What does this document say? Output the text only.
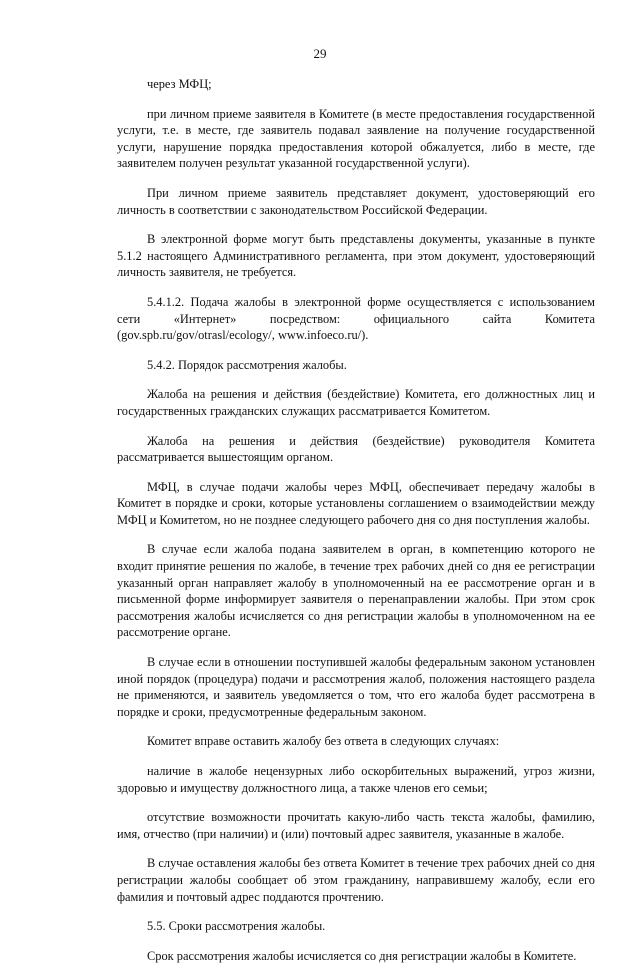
29

через МФЦ;

при личном приеме заявителя в Комитете (в месте предоставления государственной услуги, т.е. в месте, где заявитель подавал заявление на получение государственной услуги, нарушение порядка предоставления которой обжалуется, либо в месте, где заявителем получен результат указанной государственной услуги).

При личном приеме заявитель представляет документ, удостоверяющий его личность в соответствии с законодательством Российской Федерации.

В электронной форме могут быть представлены документы, указанные в пункте 5.1.2 настоящего Административного регламента, при этом документ, удостоверяющий личность заявителя, не требуется.

5.4.1.2. Подача жалобы в электронной форме осуществляется с использованием сети «Интернет» посредством: официального сайта Комитета (gov.spb.ru/gov/otrasl/ecology/, www.infoeco.ru/).

5.4.2. Порядок рассмотрения жалобы.

Жалоба на решения и действия (бездействие) Комитета, его должностных лиц и государственных гражданских служащих рассматривается Комитетом.

Жалоба на решения и действия (бездействие) руководителя Комитета рассматривается вышестоящим органом.

МФЦ, в случае подачи жалобы через МФЦ, обеспечивает передачу жалобы в Комитет в порядке и сроки, которые установлены соглашением о взаимодействии между МФЦ и Комитетом, но не позднее следующего рабочего дня со дня поступления жалобы.

В случае если жалоба подана заявителем в орган, в компетенцию которого не входит принятие решения по жалобе, в течение трех рабочих дней со дня ее регистрации указанный орган направляет жалобу в уполномоченный на ее рассмотрение орган и в письменной форме информирует заявителя о перенаправлении жалобы. При этом срок рассмотрения жалобы исчисляется со дня регистрации жалобы в уполномоченном на ее рассмотрение органе.

В случае если в отношении поступившей жалобы федеральным законом установлен иной порядок (процедура) подачи и рассмотрения жалоб, положения настоящего раздела не применяются, и заявитель уведомляется о том, что его жалоба будет рассмотрена в порядке и сроки, предусмотренные федеральным законом.

Комитет вправе оставить жалобу без ответа в следующих случаях:

наличие в жалобе нецензурных либо оскорбительных выражений, угроз жизни, здоровью и имуществу должностного лица, а также членов его семьи;

отсутствие возможности прочитать какую-либо часть текста жалобы, фамилию, имя, отчество (при наличии) и (или) почтовый адрес заявителя, указанные в жалобе.

В случае оставления жалобы без ответа Комитет в течение трех рабочих дней со дня регистрации жалобы сообщает об этом гражданину, направившему жалобу, если его фамилия и почтовый адрес поддаются прочтению.

5.5. Сроки рассмотрения жалобы.

Срок рассмотрения жалобы исчисляется со дня регистрации жалобы в Комитете.
